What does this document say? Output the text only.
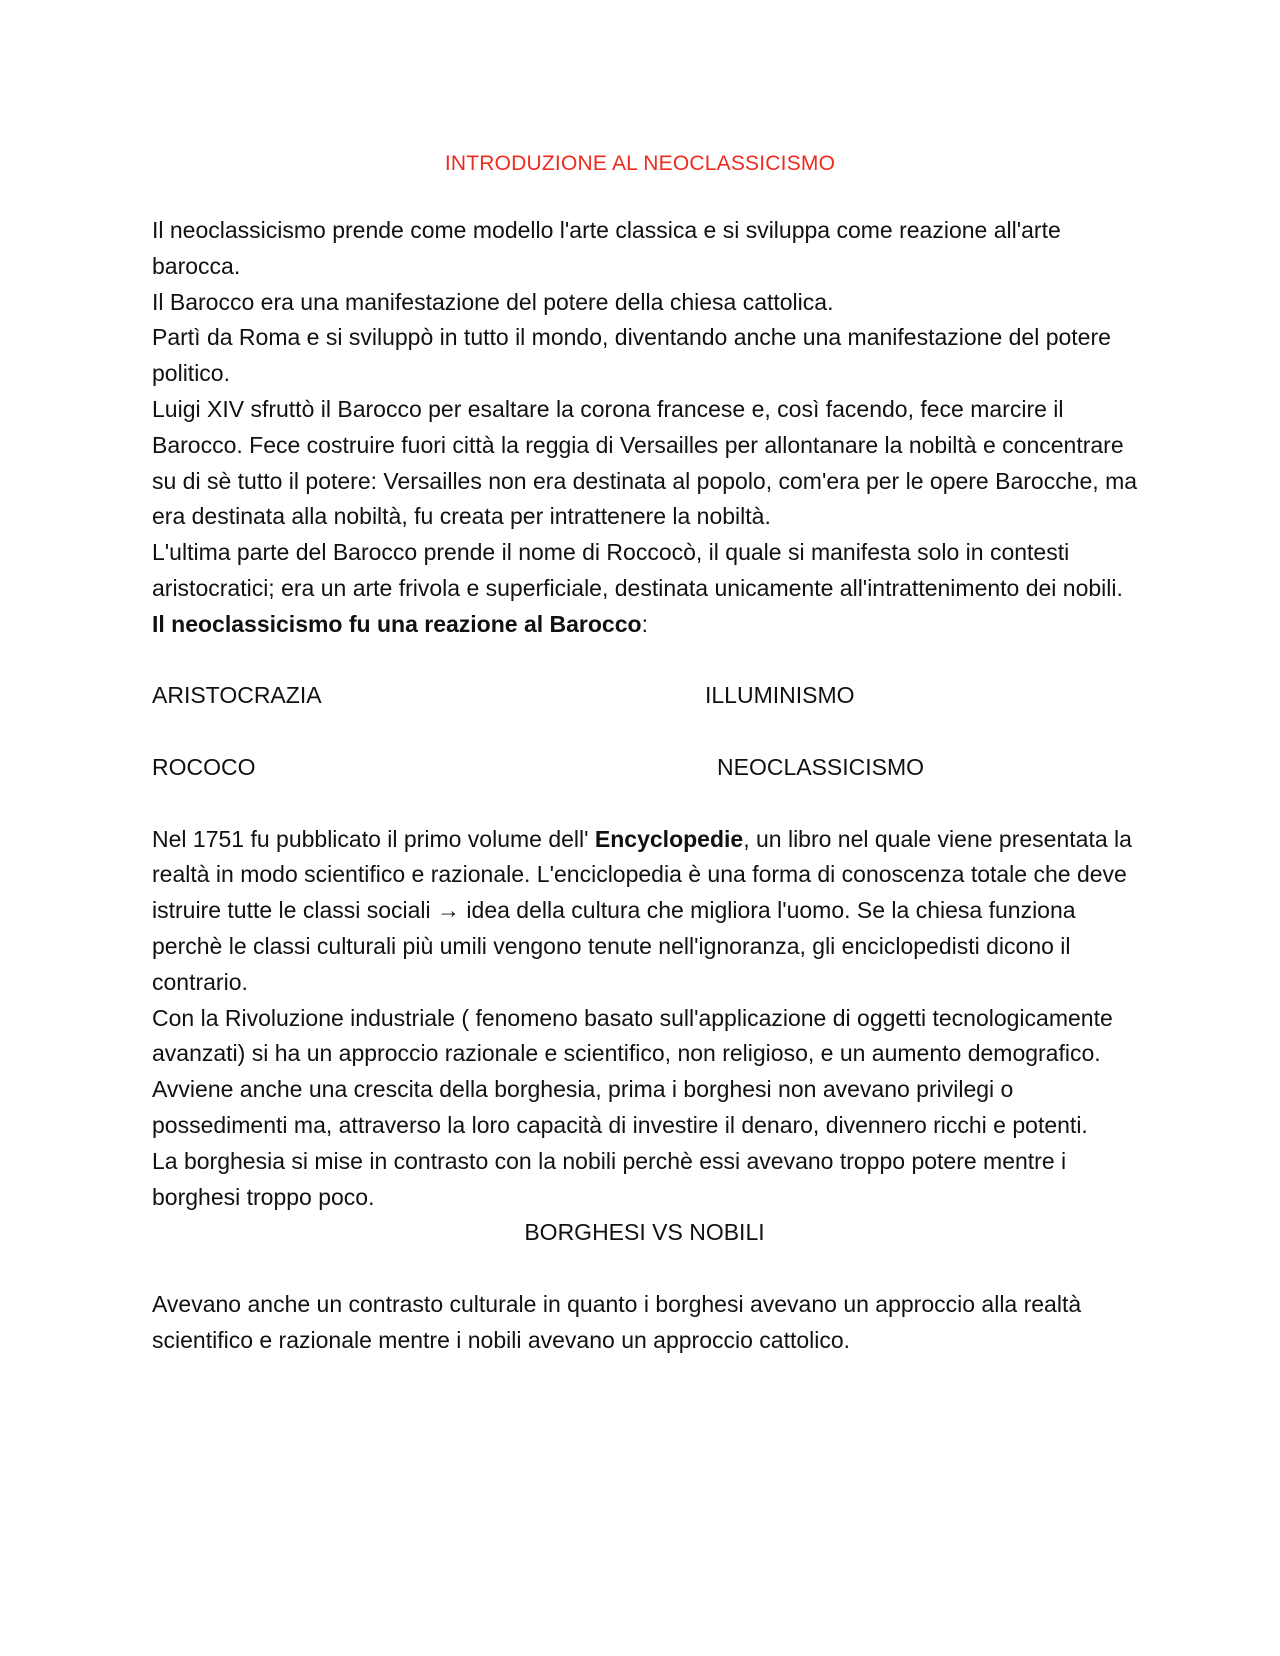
INTRODUZIONE AL NEOCLASSICISMO

Il neoclassicismo prende come modello l'arte classica e si sviluppa come reazione all'arte barocca.

Il Barocco era una manifestazione del potere della chiesa cattolica.

Partì da Roma e si sviluppò in tutto il mondo, diventando anche una manifestazione del potere politico.

Luigi XIV sfruttò il Barocco per esaltare la corona francese e, così facendo, fece marcire il Barocco. Fece costruire fuori città la reggia di Versailles per allontanare la nobiltà e concentrare su di sè tutto il potere: Versailles non era destinata al popolo, com'era per le opere Barocche, ma era destinata alla nobiltà, fu creata per intrattenere la nobiltà.

L'ultima parte del Barocco prende il nome di Roccocò, il quale si manifesta solo in contesti aristocratici; era un arte frivola e superficiale, destinata unicamente all'intrattenimento dei nobili.

Il neoclassicismo fu una reazione al Barocco:

ARISTOCRAZIA	ILLUMINISMO
ROCOCO	NEOCLASSICISMO

Nel 1751 fu pubblicato il primo volume dell' Encyclopedie, un libro nel quale viene presentata la realtà in modo scientifico e razionale. L'enciclopedia è una forma di conoscenza totale che deve istruire tutte le classi sociali → idea della cultura che migliora l'uomo. Se la chiesa funziona perchè le classi culturali più umili vengono tenute nell'ignoranza, gli enciclopedisti dicono il contrario.

Con la Rivoluzione industriale ( fenomeno basato sull'applicazione di oggetti tecnologicamente avanzati) si ha un approccio razionale e scientifico, non religioso, e un aumento demografico.

Avviene anche una crescita della borghesia, prima i borghesi non avevano privilegi o possedimenti ma, attraverso la loro capacità di investire il denaro, divennero ricchi e potenti.

La borghesia si mise in contrasto con la nobili perchè essi avevano troppo potere mentre i borghesi troppo poco.

BORGHESI VS NOBILI

Avevano anche un contrasto culturale in quanto i borghesi avevano un approccio alla realtà scientifico e razionale mentre i nobili avevano un approccio cattolico.
